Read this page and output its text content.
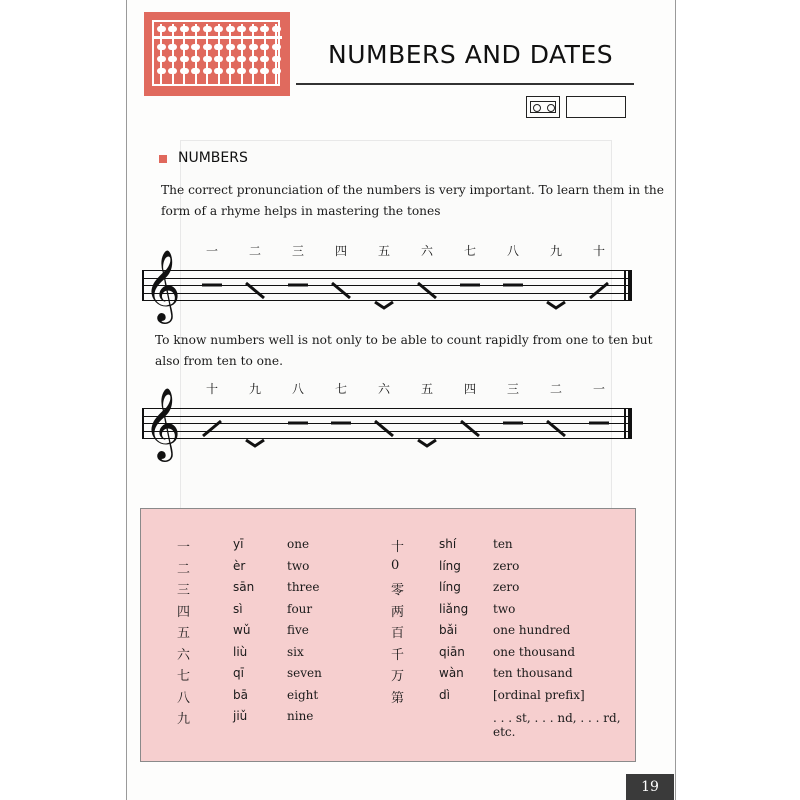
NUMBERS AND DATES
NUMBERS
The correct pronunciation of the numbers is very important. To learn them in the
form of a rhyme helps in mastering the tones
𝄞	一	二	三	四	五	六	七	八	九	十
To know numbers well is not only to be able to count rapidly from one to ten but
also from ten to one.
𝄞	十	九	八	七	六	五	四	三	二	一
一	yī	one
二	èr	two
三	sān	three
四	sì	four
五	wǔ	five
六	liù	six
七	qī	seven
八	bā	eight
九	jiǔ	nine
十	shí	ten
0	líng	zero
零	líng	zero
两	liǎng two
百	bǎi	one hundred
千	qiān one thousand
万	wàn ten thousand
第	dì	[ordinal prefix]
. . . st, . . . nd, . . . rd, etc.
19
